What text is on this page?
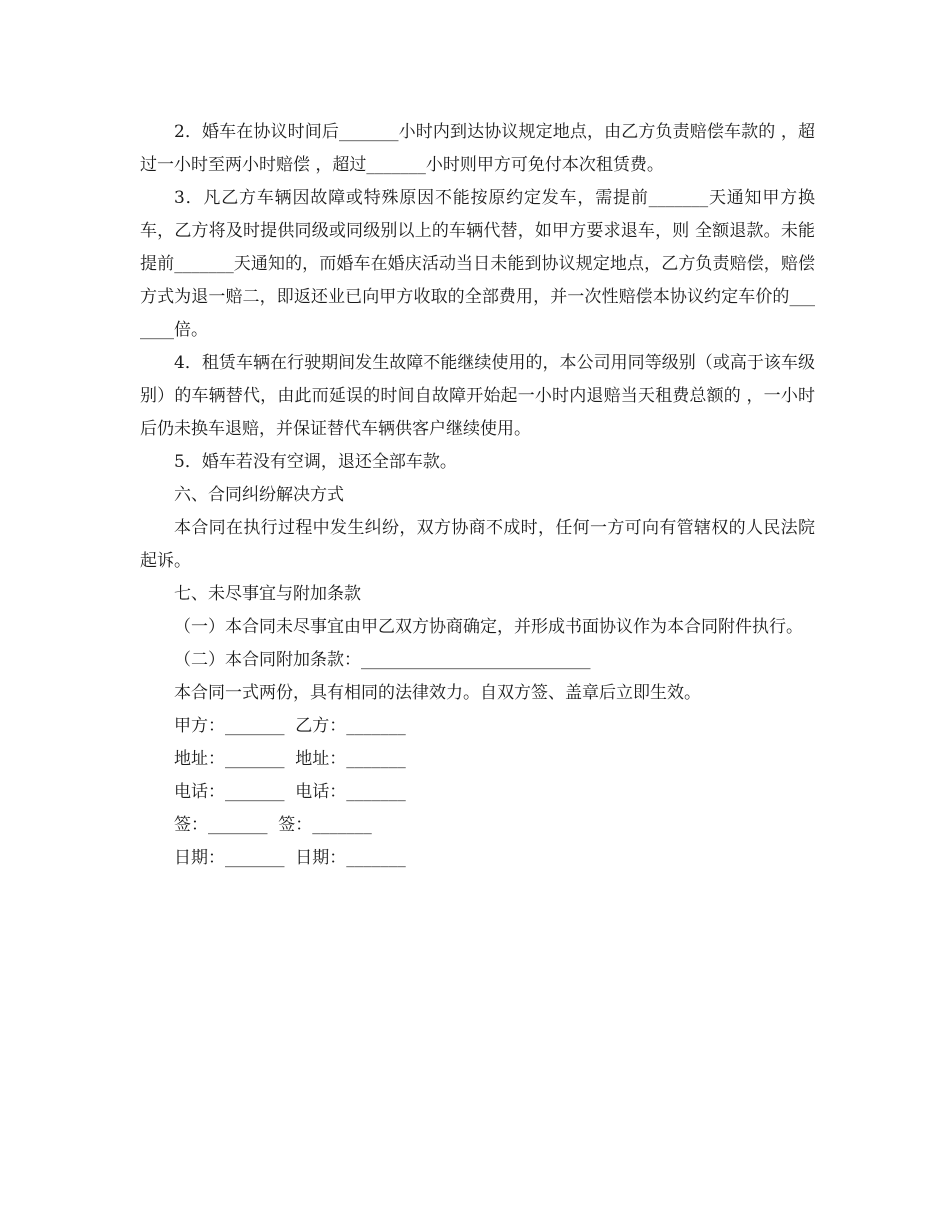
2．婚车在协议时间后_______小时内到达协议规定地点，由乙方负责赔偿车款的 ，超过一小时至两小时赔偿 ，超过_______小时则甲方可免付本次租赁费。

3．凡乙方车辆因故障或特殊原因不能按原约定发车，需提前_______天通知甲方换车，乙方将及时提供同级或同级别以上的车辆代替，如甲方要求退车，则 全额退款。未能提前_______天通知的，而婚车在婚庆活动当日未能到协议规定地点，乙方负责赔偿，赔偿方式为退一赔二，即返还业已向甲方收取的全部费用，并一次性赔偿本协议约定车价的_______倍。

4．租赁车辆在行驶期间发生故障不能继续使用的，本公司用同等级别（或高于该车级别）的车辆替代，由此而延误的时间自故障开始起一小时内退赔当天租费总额的 ，一小时后仍未换车退赔，并保证替代车辆供客户继续使用。

5．婚车若没有空调，退还全部车款。

六、合同纠纷解决方式

本合同在执行过程中发生纠纷，双方协商不成时，任何一方可向有管辖权的人民法院起诉。

七、未尽事宜与附加条款

（一）本合同未尽事宜由甲乙双方协商确定，并形成书面协议作为本合同附件执行。

（二）本合同附加条款：___________________________

本合同一式两份，具有相同的法律效力。自双方签、盖章后立即生效。

甲方：_______  乙方：_______

地址：_______  地址：_______

电话：_______  电话：_______

签：_______  签：_______

日期：_______  日期：_______
